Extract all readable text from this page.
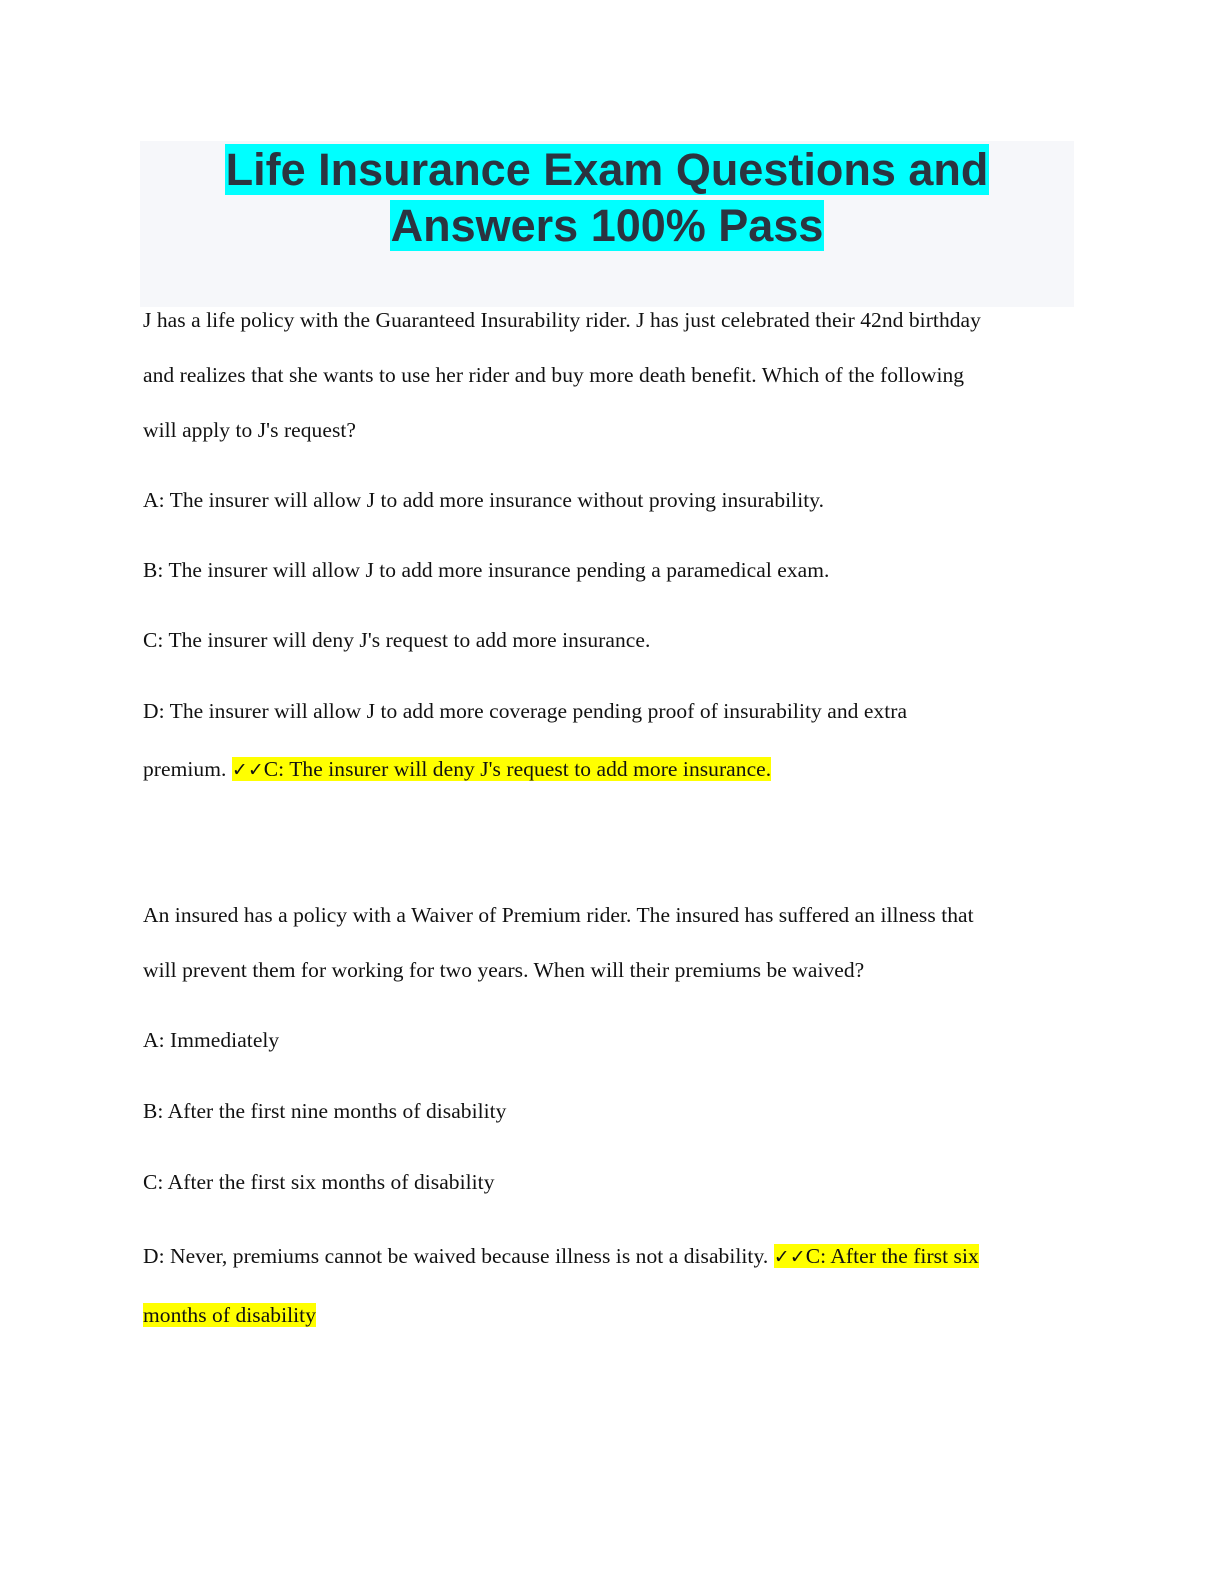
Life Insurance Exam Questions and
Answers 100% Pass
J has a life policy with the Guaranteed Insurability rider. J has just celebrated their 42nd birthday
and realizes that she wants to use her rider and buy more death benefit. Which of the following
will apply to J's request?
A: The insurer will allow J to add more insurance without proving insurability.
B: The insurer will allow J to add more insurance pending a paramedical exam.
C: The insurer will deny J's request to add more insurance.
D: The insurer will allow J to add more coverage pending proof of insurability and extra
premium. ✓✓C: The insurer will deny J's request to add more insurance.
An insured has a policy with a Waiver of Premium rider. The insured has suffered an illness that
will prevent them for working for two years. When will their premiums be waived?
A: Immediately
B: After the first nine months of disability
C: After the first six months of disability
D: Never, premiums cannot be waived because illness is not a disability. ✓✓C: After the first six
months of disability
